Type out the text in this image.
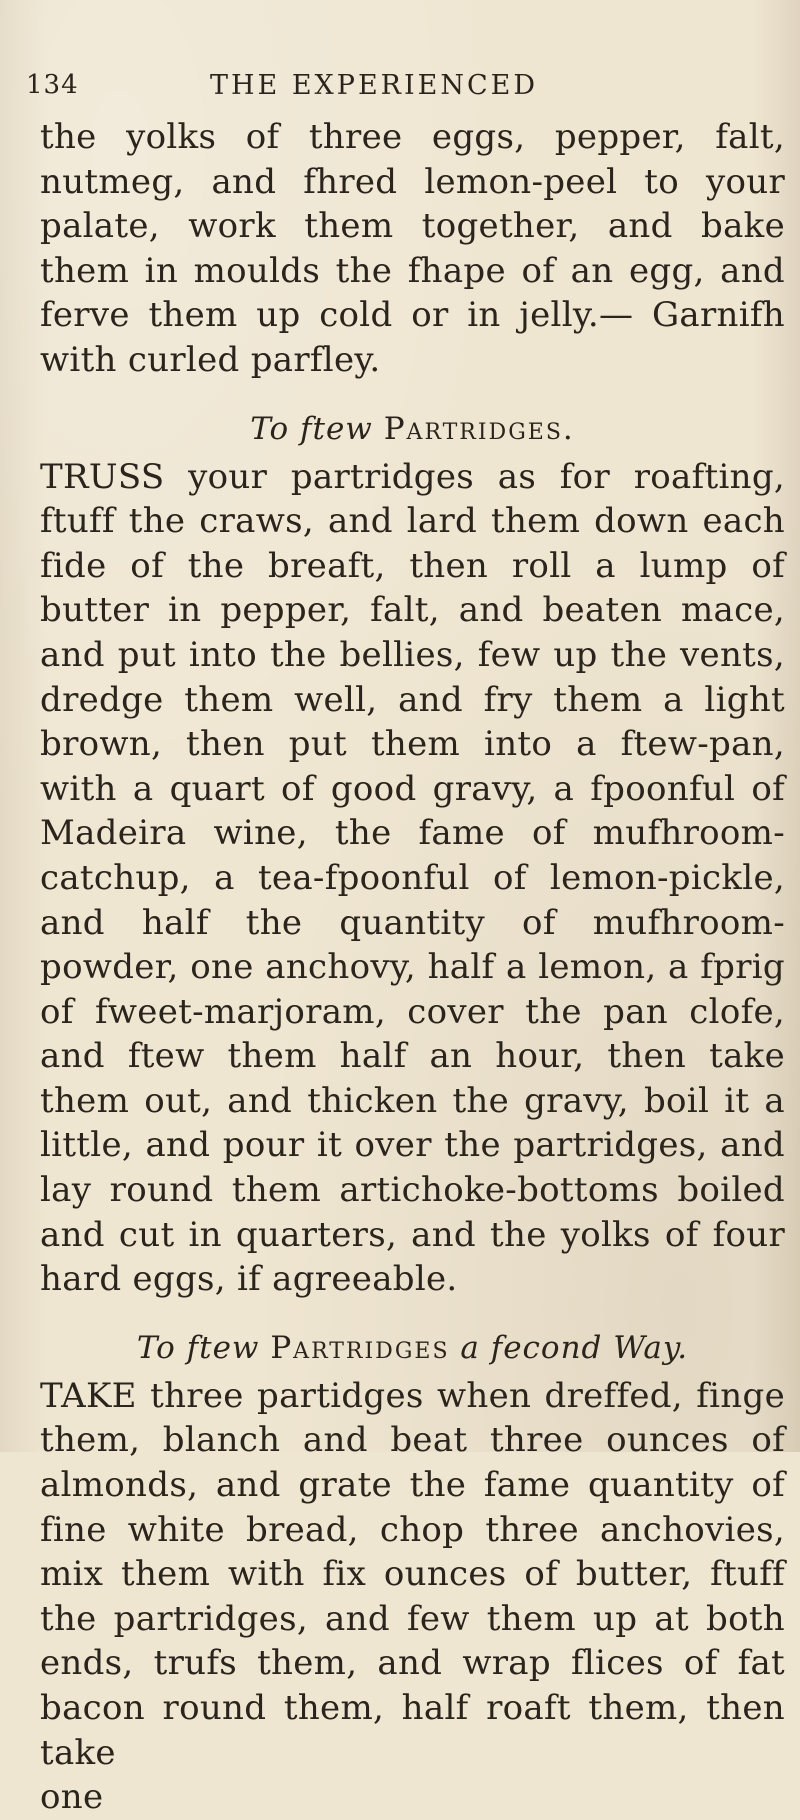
134	THE EXPERIENCED

the yolks of three eggs, pepper, falt, nutmeg, and fhred lemon-peel to your palate, work them together, and bake them in moulds the fhape of an egg, and ferve them up cold or in jelly.— Garnifh with curled parfley.

To ftew Partridges.

TRUSS your partridges as for roafting, ftuff the craws, and lard them down each fide of the breaft, then roll a lump of butter in pepper, falt, and beaten mace, and put into the bellies, few up the vents, dredge them well, and fry them a light brown, then put them into a ftew-pan, with a quart of good gravy, a fpoonful of Madeira wine, the fame of mufhroom-catchup, a tea-fpoonful of lemon-pickle, and half the quantity of mufhroom-powder, one anchovy, half a lemon, a fprig of fweet-marjoram, cover the pan clofe, and ftew them half an hour, then take them out, and thicken the gravy, boil it a little, and pour it over the partridges, and lay round them artichoke-bottoms boiled and cut in quarters, and the yolks of four hard eggs, if agreeable.

To ftew Partridges a fecond Way.

TAKE three partidges when dreffed, finge them, blanch and beat three ounces of almonds, and grate the fame quantity of fine white bread, chop three anchovies, mix them with fix ounces of butter, ftuff the partridges, and few them up at both ends, trufs them, and wrap flices of fat bacon round them, half roaft them, then take

one
